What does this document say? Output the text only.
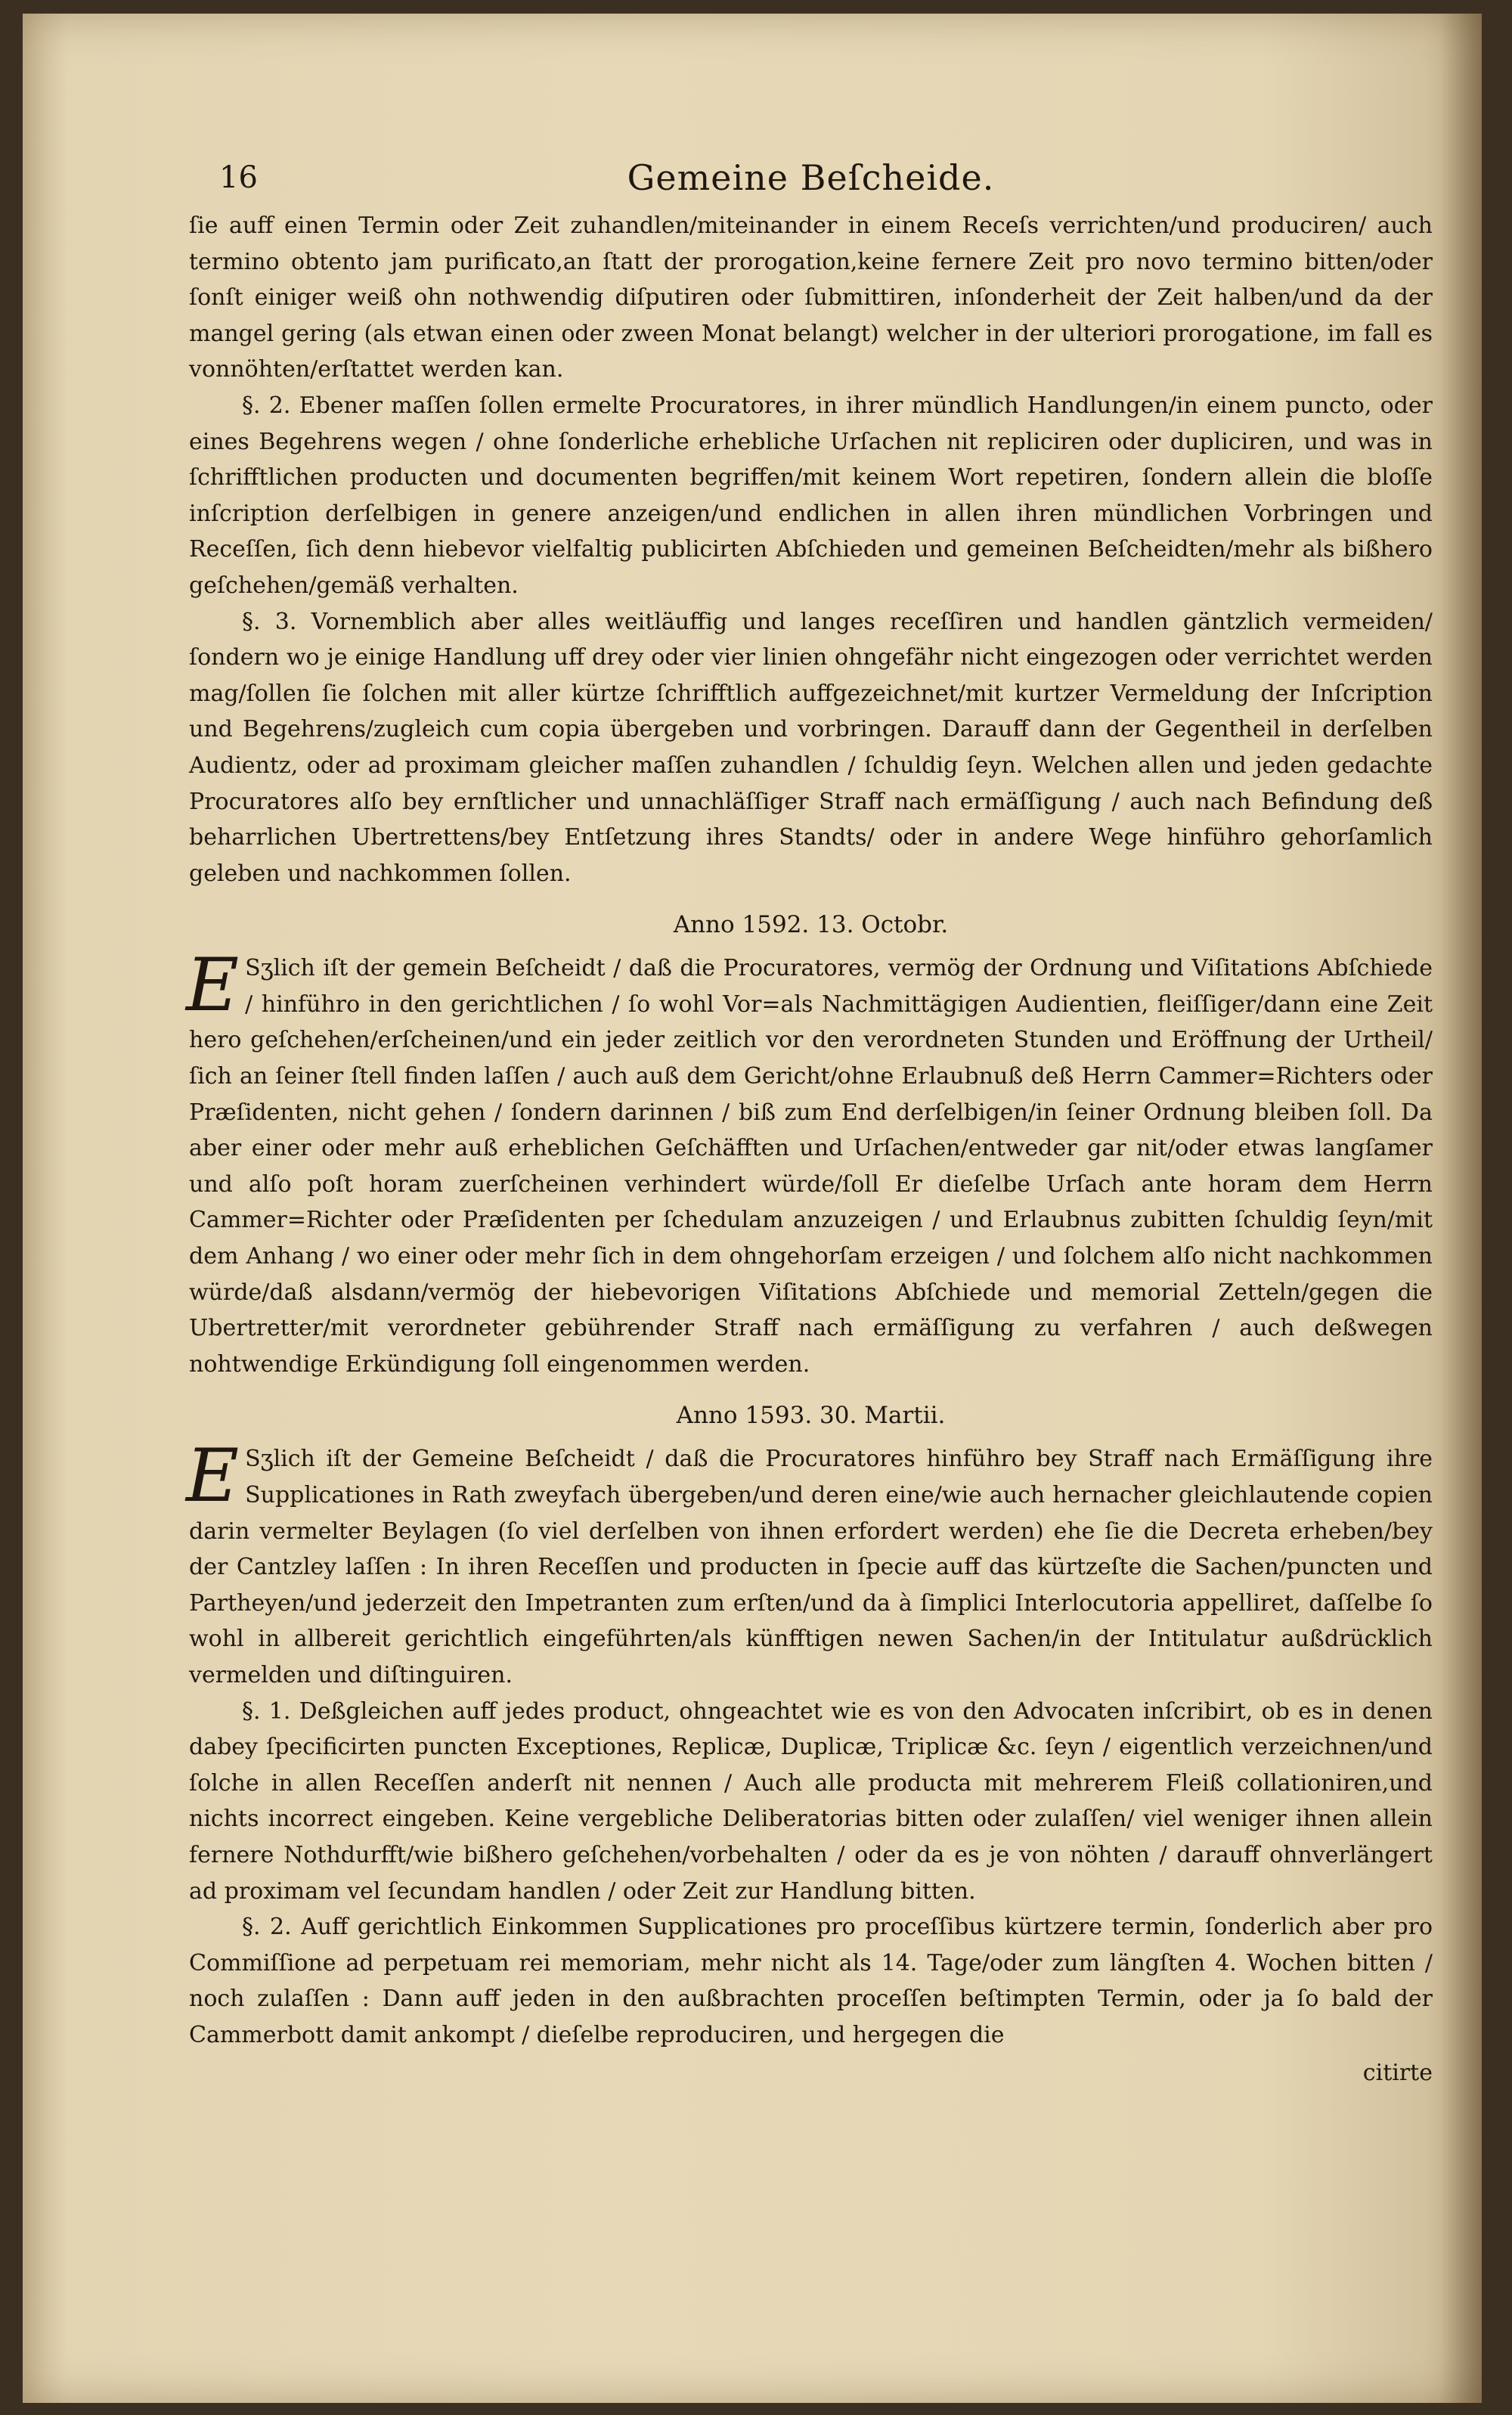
16	Gemeine Beſcheide.

ſie auff einen Termin oder Zeit zuhandlen/miteinander in einem Receſs verrichten/und produciren/ auch termino obtento jam purificato,an ſtatt der prorogation,keine fernere Zeit pro novo termino bitten/oder ſonſt einiger weiß ohn nothwendig diſputiren oder ſubmittiren, inſonderheit der Zeit halben/und da der mangel gering (als etwan einen oder zween Monat belangt) welcher in der ulteriori prorogatione, im fall es vonnöhten/erſtattet werden kan.

§. 2. Ebener maſſen ſollen ermelte Procuratores, in ihrer mündlich Handlungen/in einem puncto, oder eines Begehrens wegen / ohne ſonderliche erhebliche Urſachen nit repliciren oder dupliciren, und was in ſchrifftlichen producten und documenten begriffen/mit keinem Wort repetiren, ſondern allein die bloſſe inſcription derſelbigen in genere anzeigen/und endlichen in allen ihren mündlichen Vorbringen und Receſſen, ſich denn hiebevor vielfaltig publicirten Abſchieden und gemeinen Beſcheidten/mehr als bißhero geſchehen/gemäß verhalten.

§. 3. Vornemblich aber alles weitläuffig und langes receſſiren und handlen gäntzlich vermeiden/ſondern wo je einige Handlung uff drey oder vier linien ohngefähr nicht eingezogen oder verrichtet werden mag/ſollen ſie ſolchen mit aller kürtze ſchrifftlich auffgezeichnet/mit kurtzer Vermeldung der Inſcription und Begehrens/zugleich cum copia übergeben und vorbringen. Darauff dann der Gegentheil in derſelben Audientz, oder ad proximam gleicher maſſen zuhandlen / ſchuldig ſeyn. Welchen allen und jeden gedachte Procuratores alſo bey ernſtlicher und unnachläſſiger Straff nach ermäſſigung / auch nach Befindung deß beharrlichen Ubertrettens/bey Entſetzung ihres Standts/ oder in andere Wege hinführo gehorſamlich geleben und nachkommen ſollen.

Anno 1592. 13. Octobr.

E Sʒlich iſt der gemein Beſcheidt / daß die Procuratores, vermög der Ordnung und Viſitations Abſchiede / hinführo in den gerichtlichen / ſo wohl Vor=als Nachmittägigen Audientien, fleiſſiger/dann eine Zeit hero geſchehen/erſcheinen/und ein jeder zeitlich vor den verordneten Stunden und Eröffnung der Urtheil/ſich an ſeiner ſtell finden laſſen / auch auß dem Gericht/ohne Erlaubnuß deß Herrn Cammer=Richters oder Præſidenten, nicht gehen / ſondern darinnen / biß zum End derſelbigen/in ſeiner Ordnung bleiben ſoll. Da aber einer oder mehr auß erheblichen Geſchäfften und Urſachen/entweder gar nit/oder etwas langſamer und alſo poſt horam zuerſcheinen verhindert würde/ſoll Er dieſelbe Urſach ante horam dem Herrn Cammer=Richter oder Præſidenten per ſchedulam anzuzeigen / und Erlaubnus zubitten ſchuldig ſeyn/mit dem Anhang / wo einer oder mehr ſich in dem ohngehorſam erzeigen / und ſolchem alſo nicht nachkommen würde/daß alsdann/vermög der hiebevorigen Viſitations Abſchiede und memorial Zetteln/gegen die Ubertretter/mit verordneter gebührender Straff nach ermäſſigung zu verfahren / auch deßwegen nohtwendige Erkündigung ſoll eingenommen werden.

Anno 1593. 30. Martii.

E Sʒlich iſt der Gemeine Beſcheidt / daß die Procuratores hinführo bey Straff nach Ermäſſigung ihre Supplicationes in Rath zweyfach übergeben/und deren eine/wie auch hernacher gleichlautende copien darin vermelter Beylagen (ſo viel derſelben von ihnen erfordert werden) ehe ſie die Decreta erheben/bey der Cantzley laſſen : In ihren Receſſen und producten in ſpecie auff das kürtzeſte die Sachen/puncten und Partheyen/und jederzeit den Impetranten zum erſten/und da à ſimplici Interlocutoria appelliret, daſſelbe ſo wohl in allbereit gerichtlich eingeführten/als künfftigen newen Sachen/in der Intitulatur außdrücklich vermelden und diſtinguiren.

§. 1. Deßgleichen auff jedes product, ohngeachtet wie es von den Advocaten inſcribirt, ob es in denen dabey ſpecificirten puncten Exceptiones, Replicæ, Duplicæ, Triplicæ &c. ſeyn / eigentlich verzeichnen/und ſolche in allen Receſſen anderſt nit nennen / Auch alle producta mit mehrerem Fleiß collationiren,und nichts incorrect eingeben. Keine vergebliche Deliberatorias bitten oder zulaſſen/ viel weniger ihnen allein fernere Nothdurfft/wie bißhero geſchehen/vorbehalten / oder da es je von nöhten / darauff ohnverlängert ad proximam vel ſecundam handlen / oder Zeit zur Handlung bitten.

§. 2. Auff gerichtlich Einkommen Supplicationes pro proceſſibus kürtzere termin, ſonderlich aber pro Commiſſione ad perpetuam rei memoriam, mehr nicht als 14. Tage/oder zum längſten 4. Wochen bitten / noch zulaſſen : Dann auff jeden in den außbrachten proceſſen beſtimpten Termin, oder ja ſo bald der Cammerbott damit ankompt / dieſelbe reproduciren, und hergegen die

citirte
